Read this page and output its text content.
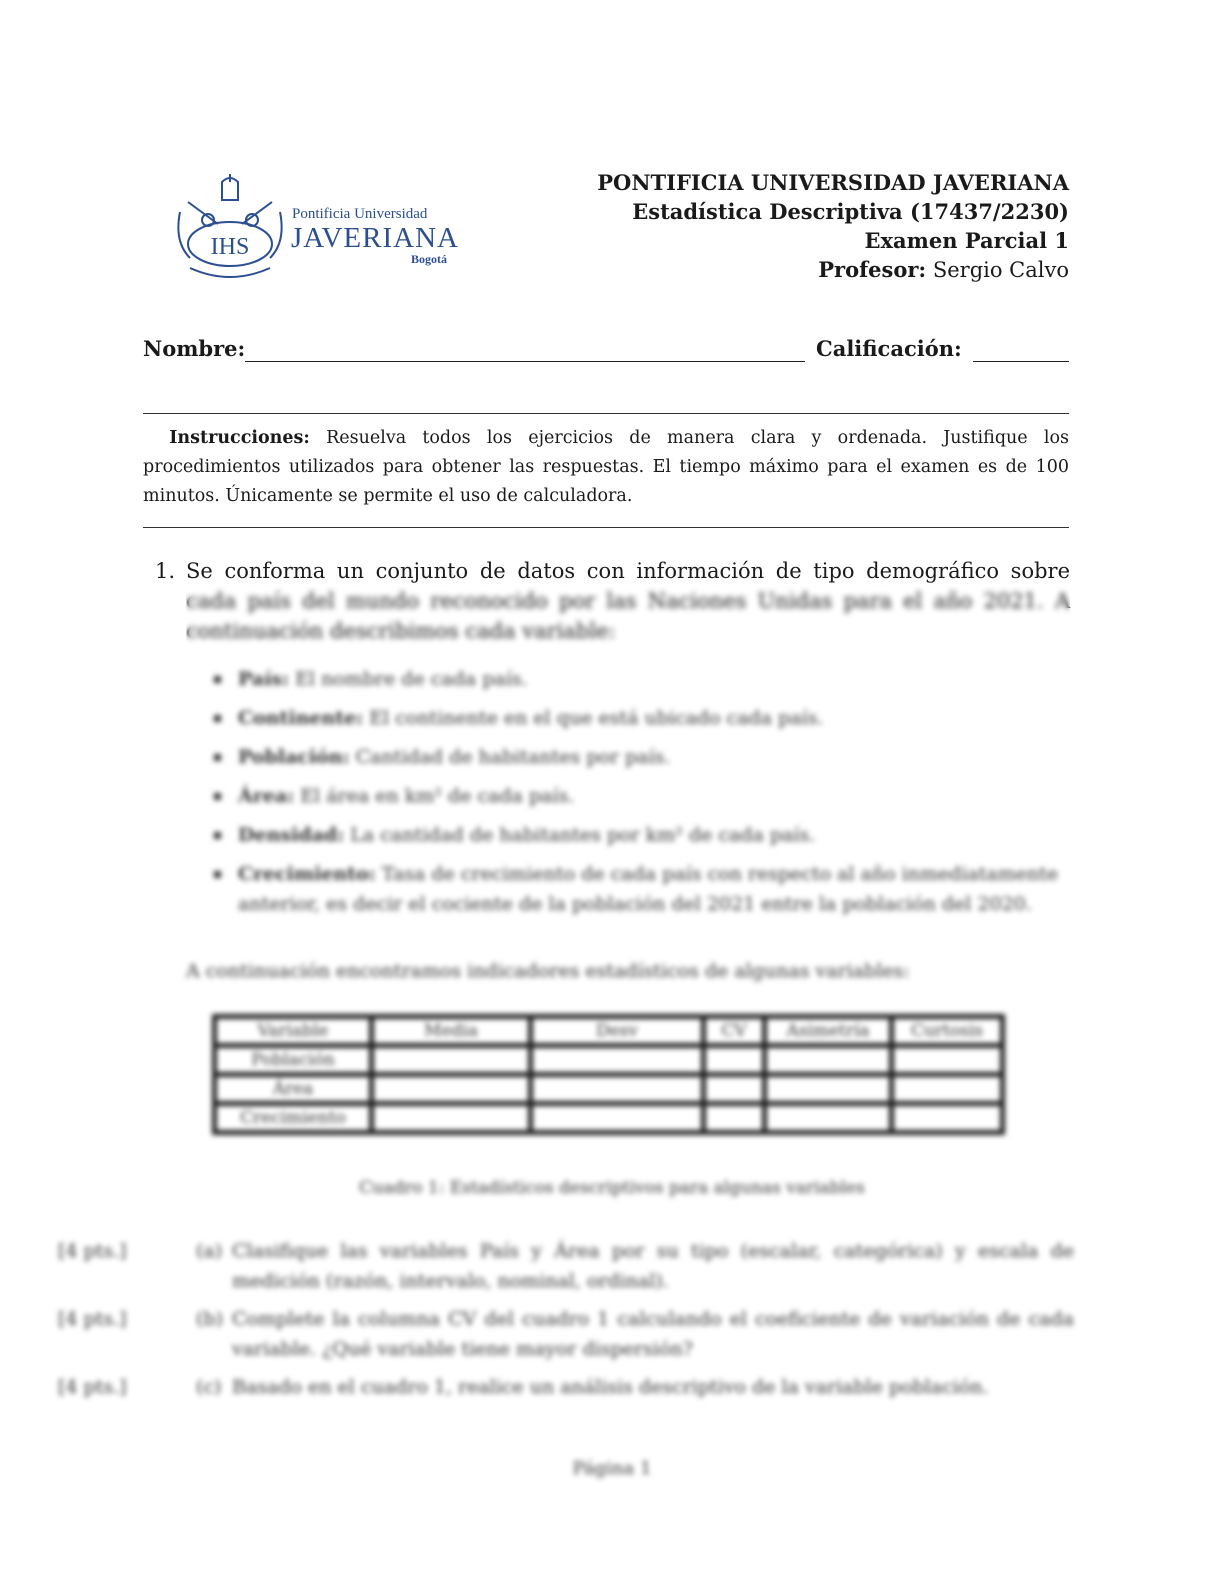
IHS
Pontificia Universidad
JAVERIANA
Bogotá
PONTIFICIA UNIVERSIDAD JAVERIANA
Estadística Descriptiva (17437/2230)
Examen Parcial 1
Profesor: Sergio Calvo
Nombre:	Calificación:
  Instrucciones: Resuelva todos los ejercicios de manera clara y ordenada. Justifique los procedimientos utilizados para obtener las respuestas. El tiempo máximo para el examen es de 100 minutos. Únicamente se permite el uso de calculadora.
1. Se conforma un conjunto de datos con información de tipo demográfico sobre cada país del mundo reconocido por las Naciones Unidas para el año 2021. A continuación describimos cada variable:
País: El nombre de cada país.
Continente: El continente en el que está ubicado cada país.
Población: Cantidad de habitantes por país.
Área: El área en km² de cada país.
Densidad: La cantidad de habitantes por km² de cada país.
Crecimiento: Tasa de crecimiento de cada país con respecto al año inmediatamente anterior, es decir el cociente de la población del 2021 entre la población del 2020.
A continuación encontramos indicadores estadísticos de algunas variables:
Variable	Media	Desv	CV	Asimetría	Curtosis
Población					
Área					
Crecimiento					
Cuadro 1: Estadísticos descriptivos para algunas variables
[4 pts.]	(a) Clasifique las variables País y Área por su tipo (escalar, categórica) y escala de medición (razón, intervalo, nominal, ordinal).
[4 pts.]	(b) Complete la columna CV del cuadro 1 calculando el coeficiente de variación de cada variable. ¿Qué variable tiene mayor dispersión?
[4 pts.]	(c) Basado en el cuadro 1, realice un análisis descriptivo de la variable población.
Página 1
